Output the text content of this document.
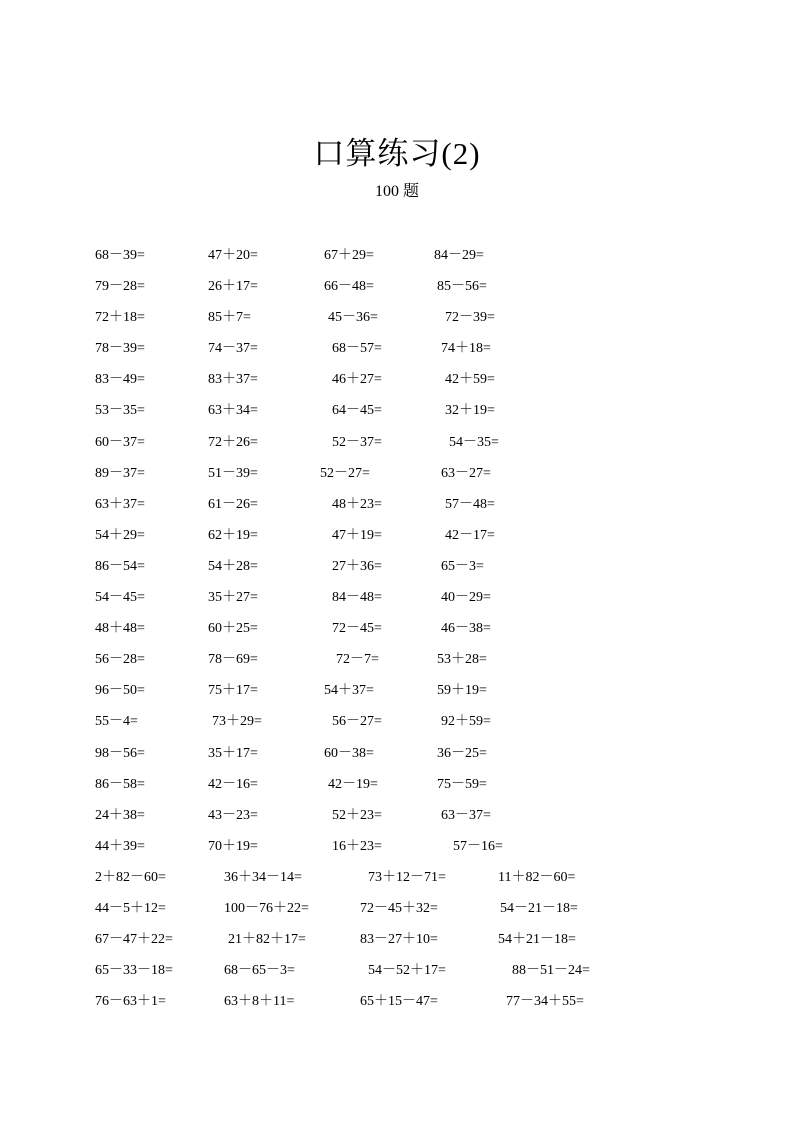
口算练习(2)
100 题
68－39=	47＋20=	67＋29=	84－29=
79－28=	26＋17=	66－48=	85－56=
72＋18=	85＋7=	45－36=	72－39=
78－39=	74－37=	68－57=	74＋18=
83－49=	83＋37=	46＋27=	42＋59=
53－35=	63＋34=	64－45=	32＋19=
60－37=	72＋26=	52－37=	54－35=
89－37=	51－39=	52－27=	63－27=
63＋37=	61－26=	48＋23=	57－48=
54＋29=	62＋19=	47＋19=	42－17=
86－54=	54＋28=	27＋36=	65－3=
54－45=	35＋27=	84－48=	40－29=
48＋48=	60＋25=	72－45=	46－38=
56－28=	78－69=	72－7=	53＋28=
96－50=	75＋17=	54＋37=	59＋19=
55－4=	73＋29=	56－27=	92＋59=
98－56=	35＋17=	60－38=	36－25=
86－58=	42－16=	42－19=	75－59=
24＋38=	43－23=	52＋23=	63－37=
44＋39=	70＋19=	16＋23=	57－16=
2＋82－60=	36＋34－14=	73＋12－71=	11＋82－60=
44－5＋12=	100－76＋22=	72－45＋32=	54－21－18=
67－47＋22=	21＋82＋17=	83－27＋10=	54＋21－18=
65－33－18=	68－65－3=	54－52＋17=	88－51－24=
76－63＋1=	63＋8＋11=	65＋15－47=	77－34＋55=
